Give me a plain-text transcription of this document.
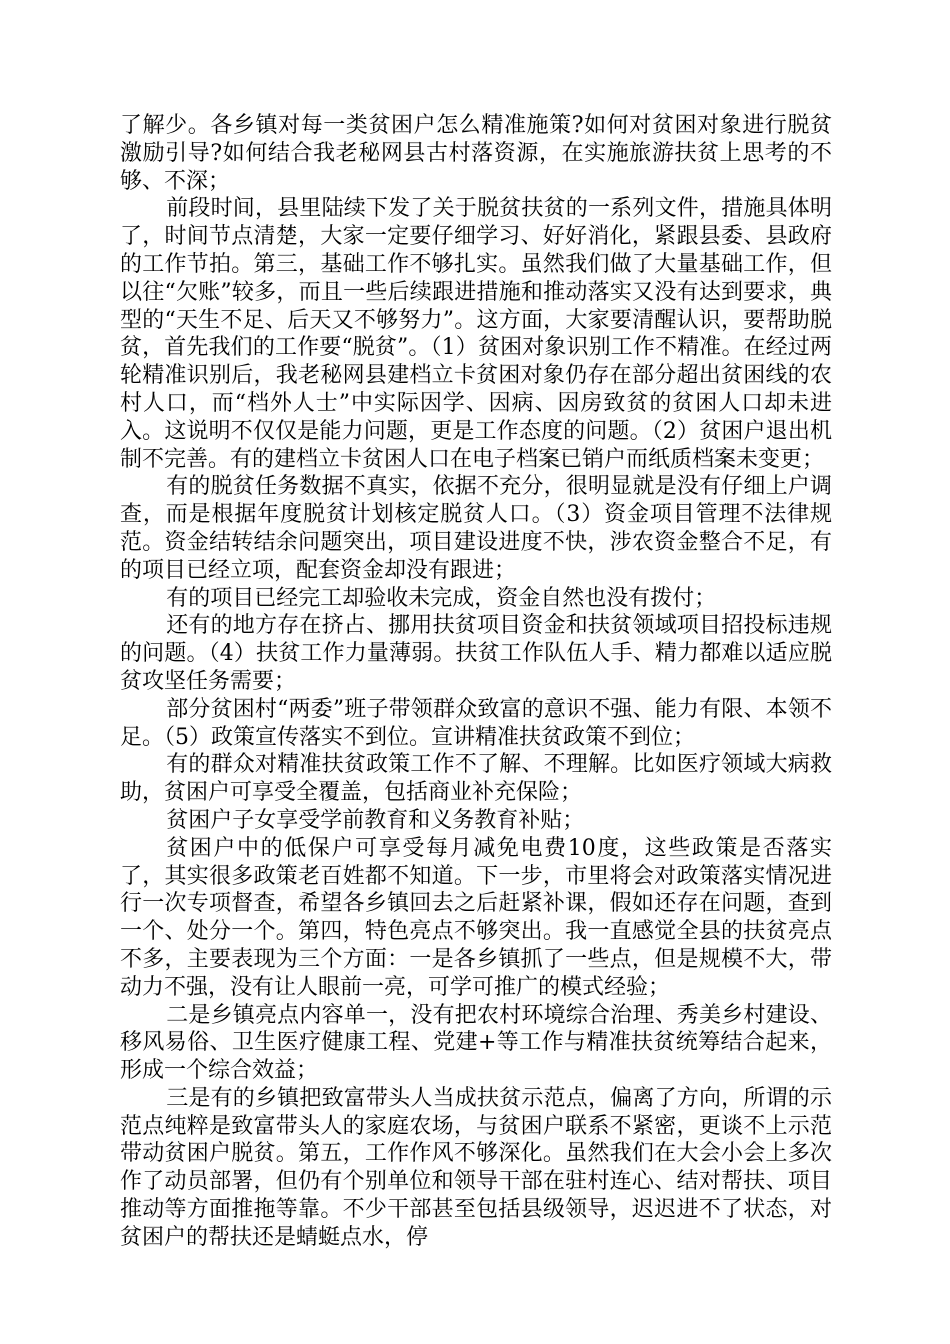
了解少。各乡镇对每一类贫困户怎么精准施策?如何对贫困对象进行脱贫激励引导?如何结合我老秘网县古村落资源，在实施旅游扶贫上思考的不够、不深；

前段时间，县里陆续下发了关于脱贫扶贫的一系列文件，措施具体明了，时间节点清楚，大家一定要仔细学习、好好消化，紧跟县委、县政府的工作节拍。第三，基础工作不够扎实。虽然我们做了大量基础工作，但以往“欠账”较多，而且一些后续跟进措施和推动落实又没有达到要求，典型的“天生不足、后天又不够努力”。这方面，大家要清醒认识，要帮助脱贫，首先我们的工作要“脱贫”。（1）贫困对象识别工作不精准。在经过两轮精准识别后，我老秘网县建档立卡贫困对象仍存在部分超出贫困线的农村人口，而“档外人士”中实际因学、因病、因房致贫的贫困人口却未进入。这说明不仅仅是能力问题，更是工作态度的问题。（2）贫困户退出机制不完善。有的建档立卡贫困人口在电子档案已销户而纸质档案未变更；

有的脱贫任务数据不真实，依据不充分，很明显就是没有仔细上户调查，而是根据年度脱贫计划核定脱贫人口。（3）资金项目管理不法律规范。资金结转结余问题突出，项目建设进度不快，涉农资金整合不足，有的项目已经立项，配套资金却没有跟进；

有的项目已经完工却验收未完成，资金自然也没有拨付；

还有的地方存在挤占、挪用扶贫项目资金和扶贫领域项目招投标违规的问题。（4）扶贫工作力量薄弱。扶贫工作队伍人手、精力都难以适应脱贫攻坚任务需要；

部分贫困村“两委”班子带领群众致富的意识不强、能力有限、本领不足。（5）政策宣传落实不到位。宣讲精准扶贫政策不到位；

有的群众对精准扶贫政策工作不了解、不理解。比如医疗领域大病救助，贫困户可享受全覆盖，包括商业补充保险；

贫困户子女享受学前教育和义务教育补贴；

贫困户中的低保户可享受每月减免电费10度，这些政策是否落实了，其实很多政策老百姓都不知道。下一步，市里将会对政策落实情况进行一次专项督查，希望各乡镇回去之后赶紧补课，假如还存在问题，查到一个、处分一个。第四，特色亮点不够突出。我一直感觉全县的扶贫亮点不多，主要表现为三个方面：一是各乡镇抓了一些点，但是规模不大，带动力不强，没有让人眼前一亮，可学可推广的模式经验；

二是乡镇亮点内容单一，没有把农村环境综合治理、秀美乡村建设、移风易俗、卫生医疗健康工程、党建+等工作与精准扶贫统筹结合起来，形成一个综合效益；

三是有的乡镇把致富带头人当成扶贫示范点，偏离了方向，所谓的示范点纯粹是致富带头人的家庭农场，与贫困户联系不紧密，更谈不上示范带动贫困户脱贫。第五，工作作风不够深化。虽然我们在大会小会上多次作了动员部署，但仍有个别单位和领导干部在驻村连心、结对帮扶、项目推动等方面推拖等靠。不少干部甚至包括县级领导，迟迟进不了状态，对贫困户的帮扶还是蜻蜓点水，停
